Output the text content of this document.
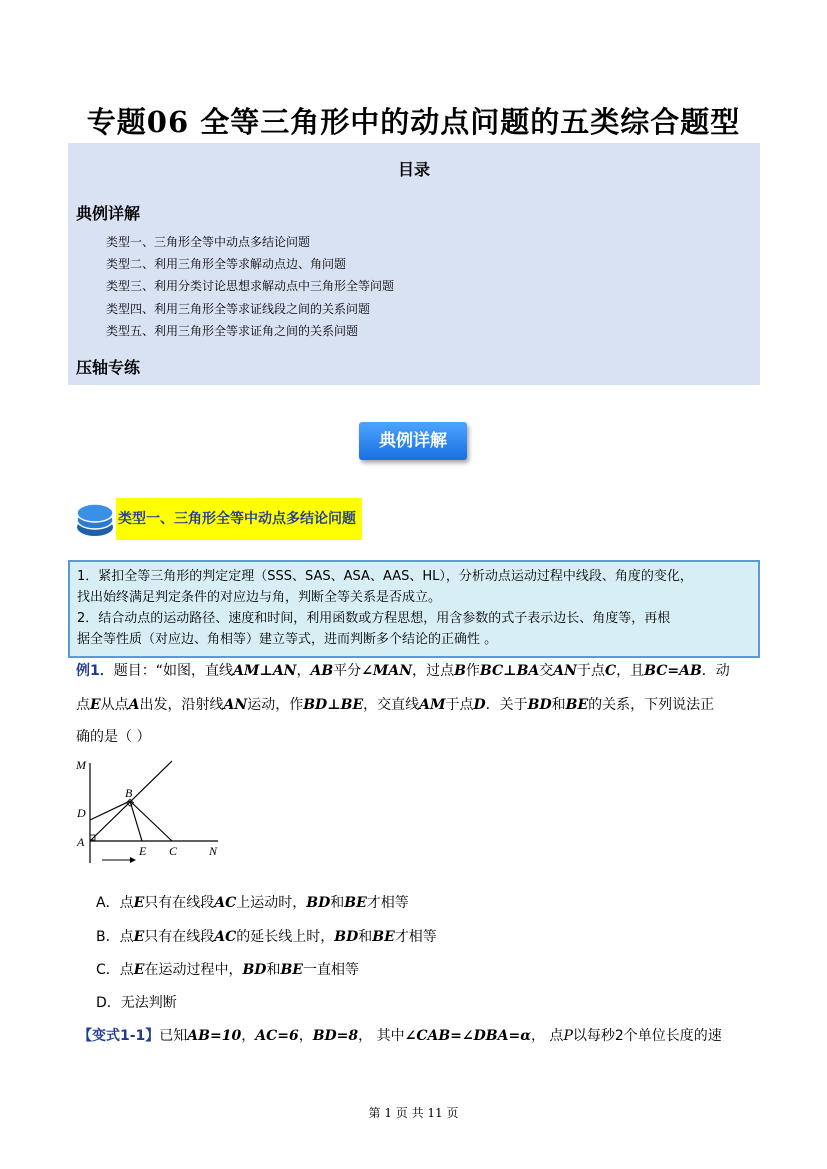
专题06 全等三角形中的动点问题的五类综合题型
目录
典例详解
类型一、三角形全等中动点多结论问题
类型二、利用三角形全等求解动点边、角问题
类型三、利用分类讨论思想求解动点中三角形全等问题
类型四、利用三角形全等求证线段之间的关系问题
类型五、利用三角形全等求证角之间的关系问题
压轴专练
典例详解
类型一、三角形全等中动点多结论问题
1．紧扣全等三角形的判定定理（SSS、SAS、ASA、AAS、HL），分析动点运动过程中线段、角度的变化，
找出始终满足判定条件的对应边与角，判断全等关系是否成立。
2．结合动点的运动路径、速度和时间，利用函数或方程思想，用含参数的式子表示边长、角度等，再根
据全等性质（对应边、角相等）建立等式，进而判断多个结论的正确性 。
例1．题目：“如图，直线AM⊥AN，AB平分∠MAN，过点B作BC⊥BA交AN于点C，且BC=AB．动
点E从点A出发，沿射线AN运动，作BD⊥BE，交直线AM于点D．关于BD和BE的关系，下列说法正
确的是（ ）
M
B
D
A
E C	N
A．点E只有在线段AC上运动时，BD和BE才相等
B．点E只有在线段AC的延长线上时，BD和BE才相等
C．点E在运动过程中，BD和BE一直相等
D．无法判断
【变式1-1】已知AB=10，AC=6，BD=8， 其中∠CAB=∠DBA=α， 点P以每秒2个单位长度的速
第 1 页 共 11 页
